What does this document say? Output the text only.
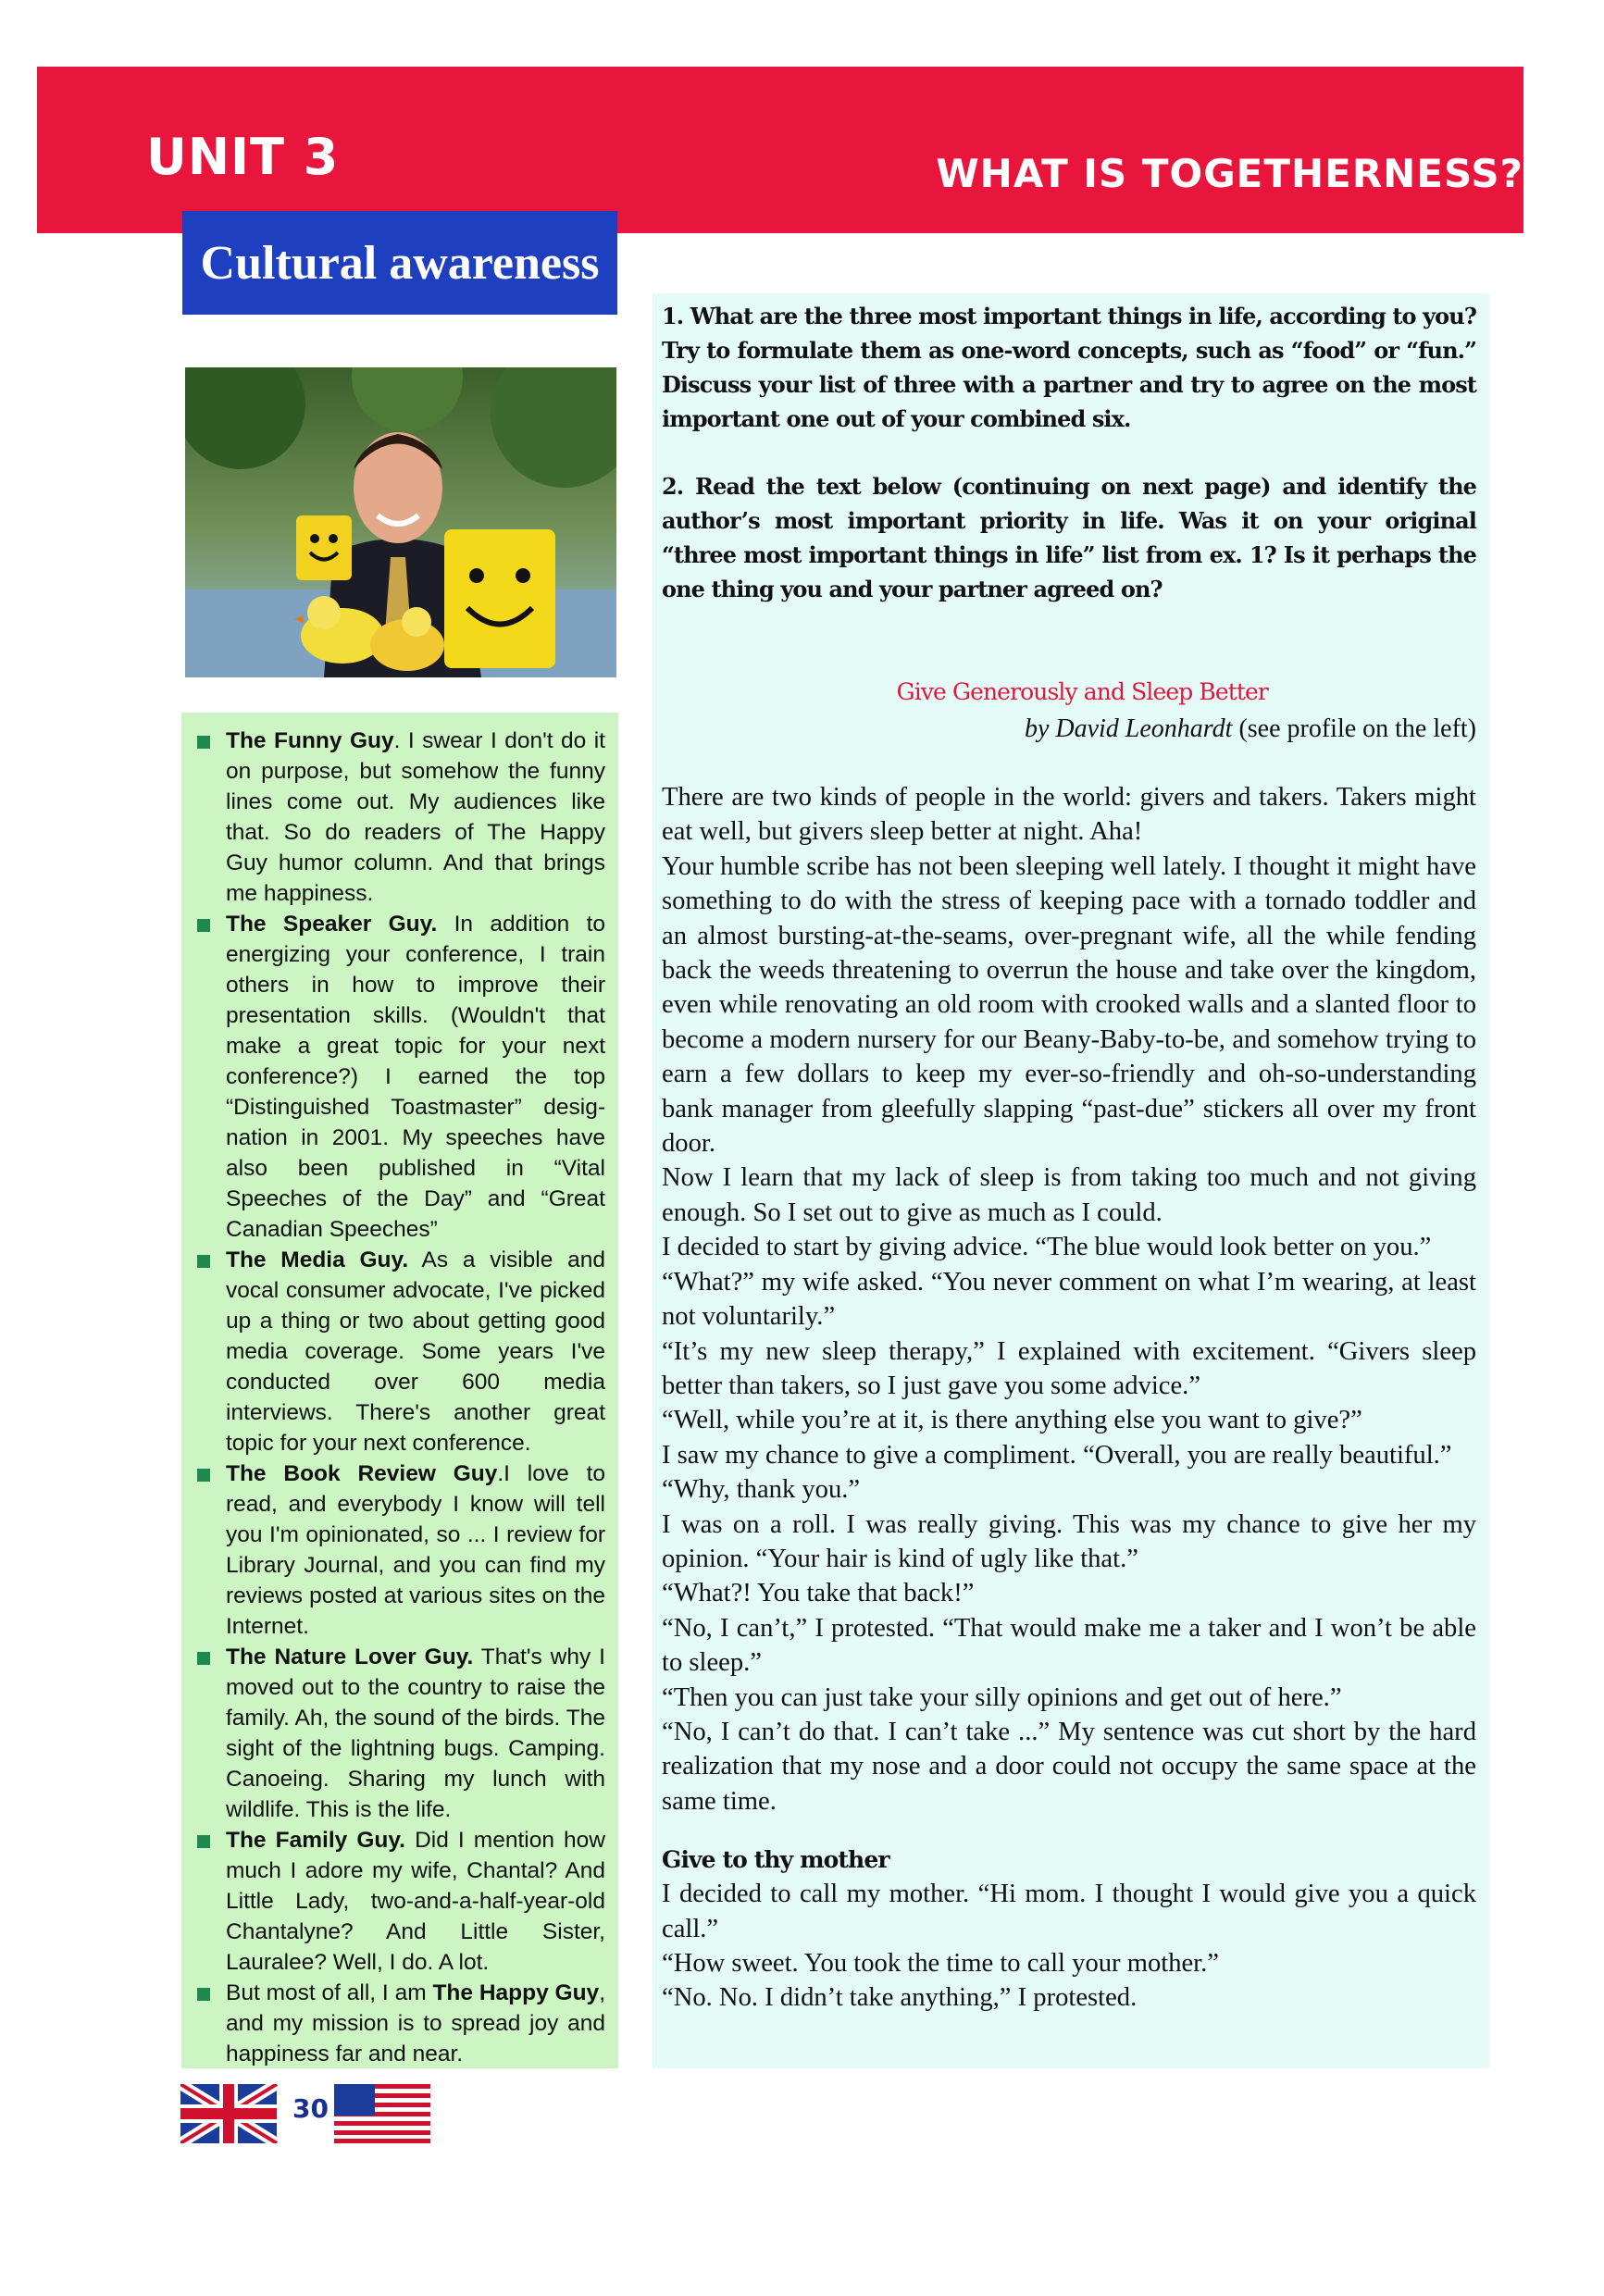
UNIT 3	WHAT IS TOGETHERNESS?
Cultural awareness

The Funny Guy. I swear I don't do it on purpose, but somehow the funny lines come out. My audiences like that. So do readers of The Happy Guy humor column. And that brings me happiness.

The Speaker Guy. In addition to energizing your conference, I train others in how to improve their presentation skills. (Wouldn't that make a great topic for your next conference?) I earned the top “Distinguished Toastmaster” designation in 2001. My speeches have also been published in “Vital Speeches of the Day” and “Great Canadian Speeches”

The Media Guy. As a visible and vocal consumer advocate, I've picked up a thing or two about getting good media coverage. Some years I've conducted over 600 media interviews. There's another great topic for your next conference.

The Book Review Guy.I love to read, and everybody I know will tell you I'm opinionated, so ... I review for Library Journal, and you can find my reviews posted at various sites on the Internet.

The Nature Lover Guy. That's why I moved out to the country to raise the family. Ah, the sound of the birds. The sight of the lightning bugs. Camping. Canoeing. Sharing my lunch with wildlife. This is the life.

The Family Guy. Did I mention how much I adore my wife, Chantal? And Little Lady, two-and-a-half-year-old Chantalyne? And Little Sister, Lauralee? Well, I do. A lot.

But most of all, I am The Happy Guy, and my mission is to spread joy and happiness far and near.

1. What are the three most important things in life, according to you? Try to formulate them as one-word concepts, such as “food” or “fun.” Discuss your list of three with a partner and try to agree on the most important one out of your combined six.

2. Read the text below (continuing on next page) and identify the author’s most important priority in life. Was it on your original “three most important things in life” list from ex. 1? Is it perhaps the one thing you and your partner agreed on?

Give Generously and Sleep Better
by David Leonhardt (see profile on the left)

There are two kinds of people in the world: givers and takers. Takers might eat well, but givers sleep better at night. Aha!

Your humble scribe has not been sleeping well lately. I thought it might have something to do with the stress of keeping pace with a tornado toddler and an almost bursting-at-the-seams, over-pregnant wife, all the while fending back the weeds threatening to overrun the house and take over the kingdom, even while renovating an old room with crooked walls and a slanted floor to become a modern nursery for our Beany-Baby-to-be, and somehow trying to earn a few dollars to keep my ever-so-friendly and oh-so-understanding bank manager from gleefully slapping “past-due” stickers all over my front door.

Now I learn that my lack of sleep is from taking too much and not giving enough. So I set out to give as much as I could.

I decided to start by giving advice. “The blue would look better on you.”

“What?” my wife asked. “You never comment on what I’m wearing, at least not voluntarily.”

“It’s my new sleep therapy,” I explained with excitement. “Givers sleep better than takers, so I just gave you some advice.”

“Well, while you’re at it, is there anything else you want to give?”

I saw my chance to give a compliment. “Overall, you are really beautiful.”

“Why, thank you.”

I was on a roll. I was really giving. This was my chance to give her my opinion. “Your hair is kind of ugly like that.”

“What?! You take that back!”

“No, I can’t,” I protested. “That would make me a taker and I won’t be able to sleep.”

“Then you can just take your silly opinions and get out of here.”

“No, I can’t do that. I can’t take ...” My sentence was cut short by the hard realization that my nose and a door could not occupy the same space at the same time.

Give to thy mother

I decided to call my mother. “Hi mom. I thought I would give you a quick call.”

“How sweet. You took the time to call your mother.”

“No. No. I didn’t take anything,” I protested.

30
